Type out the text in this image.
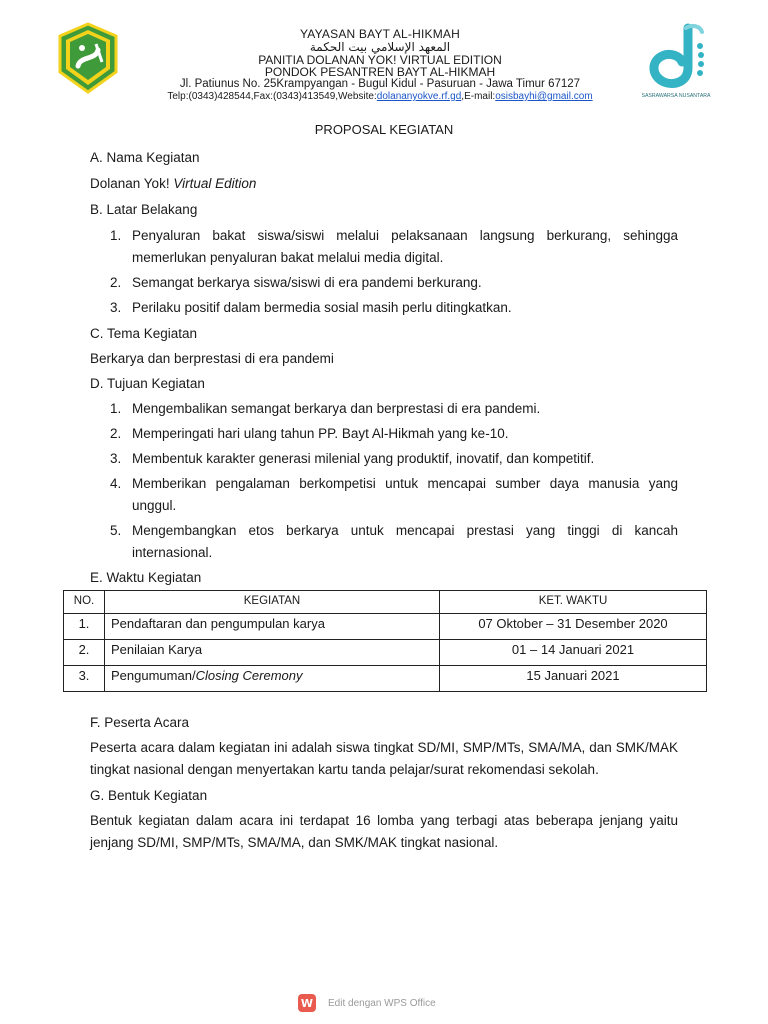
YAYASAN BAYT AL-HIKMAH
المعهد الإسلامي بيت الحكمة
PANITIA DOLANAN YOK! VIRTUAL EDITION
PONDOK PESANTREN BAYT AL-HIKMAH
Jl. Patiunus No. 25Krampyangan - Bugul Kidul - Pasuruan - Jawa Timur 67127
Telp:(0343)428544,Fax:(0343)413549,Website:dolananyokve.rf.gd,E-mail:osisbayhi@gmail.com	SASRAWARSA NUSANTARA

PROPOSAL KEGIATAN

A. Nama Kegiatan

Dolanan Yok! Virtual Edition

B. Latar Belakang

1. Penyaluran bakat siswa/siswi melalui pelaksanaan langsung berkurang, sehingga memerlukan penyaluran bakat melalui media digital.
2. Semangat berkarya siswa/siswi di era pandemi berkurang.
3. Perilaku positif dalam bermedia sosial masih perlu ditingkatkan.

C. Tema Kegiatan

Berkarya dan berprestasi di era pandemi

D. Tujuan Kegiatan

1. Mengembalikan semangat berkarya dan berprestasi di era pandemi.
2. Memperingati hari ulang tahun PP. Bayt Al-Hikmah yang ke-10.
3. Membentuk karakter generasi milenial yang produktif, inovatif, dan kompetitif.
4. Memberikan pengalaman berkompetisi untuk mencapai sumber daya manusia yang unggul.
5. Mengembangkan etos berkarya untuk mencapai prestasi yang tinggi di kancah internasional.

E. Waktu Kegiatan

NO.	KEGIATAN	KET. WAKTU
1.	Pendaftaran dan pengumpulan karya	07 Oktober – 31 Desember 2020
2.	Penilaian Karya	01 – 14 Januari 2021
3.	Pengumuman/Closing Ceremony	15 Januari 2021

F. Peserta Acara

Peserta acara dalam kegiatan ini adalah siswa tingkat SD/MI, SMP/MTs, SMA/MA, dan SMK/MAK tingkat nasional dengan menyertakan kartu tanda pelajar/surat rekomendasi sekolah.

G. Bentuk Kegiatan

Bentuk kegiatan dalam acara ini terdapat 16 lomba yang terbagi atas beberapa jenjang yaitu jenjang SD/MI, SMP/MTs, SMA/MA, dan SMK/MAK tingkat nasional.

W Edit dengan WPS Office
